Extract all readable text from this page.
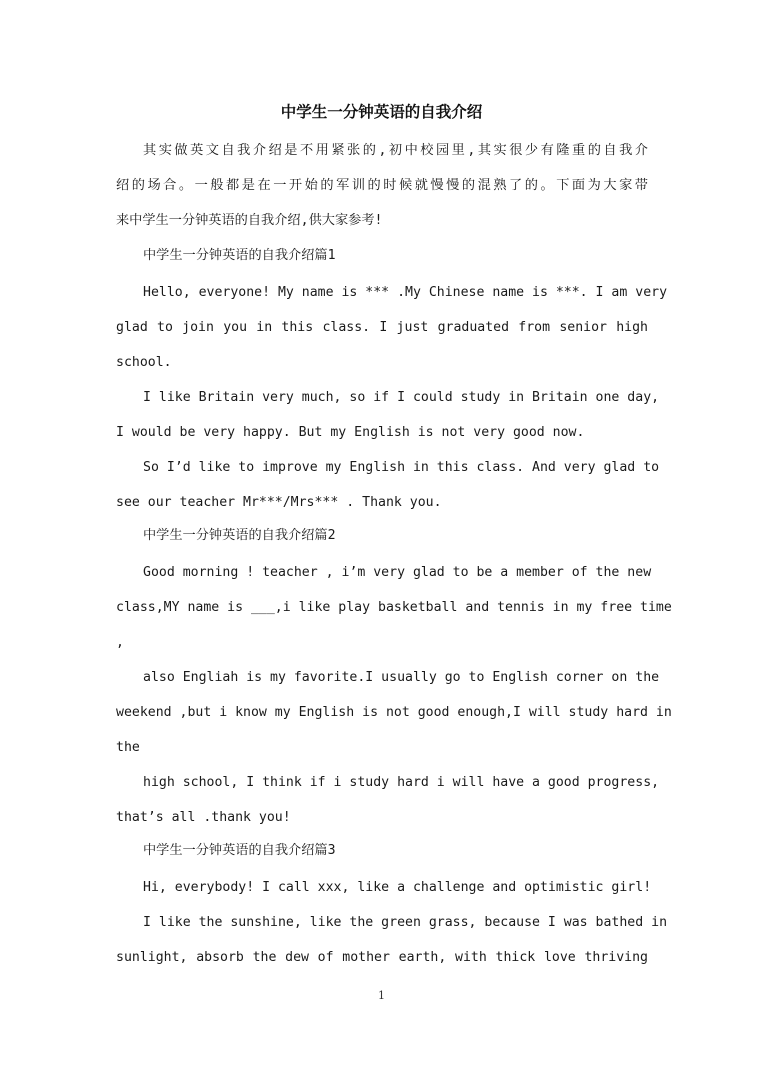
中学生一分钟英语的自我介绍
其实做英文自我介绍是不用紧张的,初中校园里,其实很少有隆重的自我介
绍的场合。一般都是在一开始的军训的时候就慢慢的混熟了的。下面为大家带
来中学生一分钟英语的自我介绍,供大家参考!
中学生一分钟英语的自我介绍篇1
Hello, everyone! My name is *** .My Chinese name is ***. I am very
glad to join you in this class. I just graduated from senior high
school.
I like Britain very much, so if I could study in Britain one day,
I would be very happy. But my English is not very good now.
So I’d like to improve my English in this class. And very glad to
see our teacher Mr***/Mrs*** . Thank you.
中学生一分钟英语的自我介绍篇2
Good morning ! teacher , i’m very glad to be a member of the new
class,MY name is ___,i like play basketball and tennis in my free time
,
also Engliah is my favorite.I usually go to English corner on the
weekend ,but i know my English is not good enough,I will study hard in
the
high school, I think if i study hard i will have a good progress,
that’s all .thank you!
中学生一分钟英语的自我介绍篇3
Hi, everybody! I call xxx, like a challenge and optimistic girl!
I like the sunshine, like the green grass, because I was bathed in
sunlight, absorb the dew of mother earth, with thick love thriving
1
